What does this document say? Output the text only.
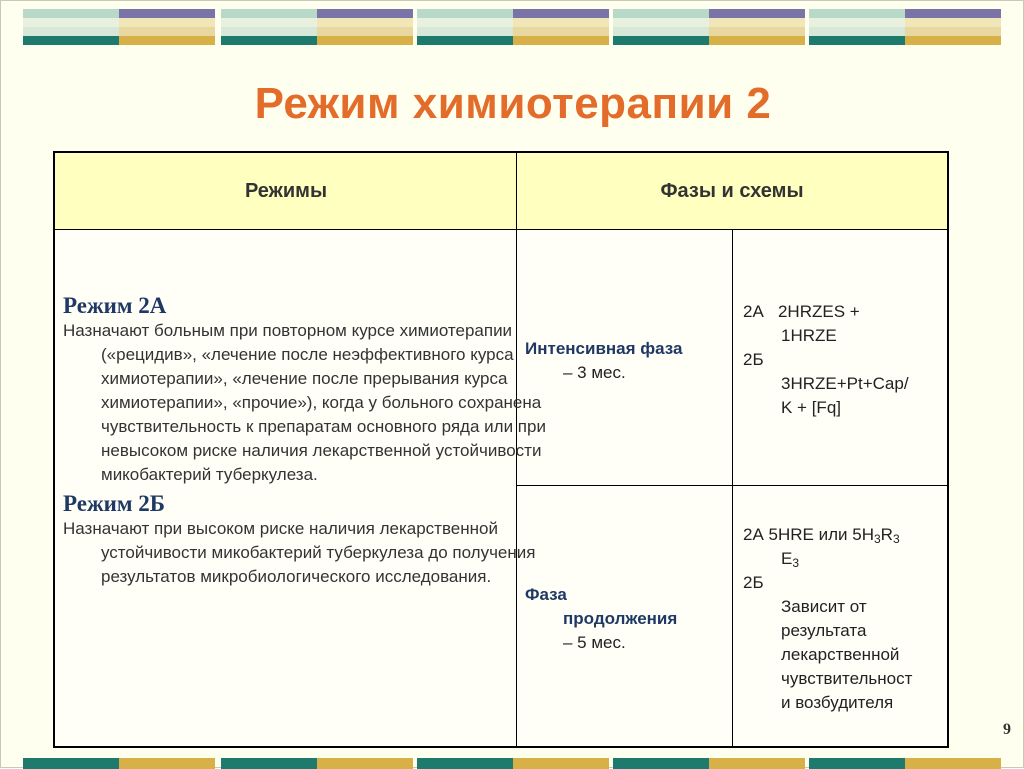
Режим химиотерапии 2
Режимы	Фазы и схемы
Режим 2А
Назначают больным при повторном курсе химиотерапии («рецидив», «лечение после неэффективного курса химиотерапии», «лечение после прерывания курса химиотерапии», «прочие»), когда у больного сохранена чувствительность к препаратам основного ряда или при невысоком риске наличия лекарственной устойчивости микобактерий туберкулеза.
Режим 2Б
Назначают при высоком риске наличия лекарственной устойчивости микобактерий туберкулеза до получения результатов микробиологического исследования.
Интенсивная фаза
– 3 мес.
Фаза
продолжения
– 5 мес.
2А 2HRZES +
1HRZE
2Б
3HRZE+Pt+Cap/
K + [Fq]
2А 5HRE или $5H_3R_3$
$E_3$
2Б
Зависит от
результата
лекарственной
чувствительност
и возбудителя
9
